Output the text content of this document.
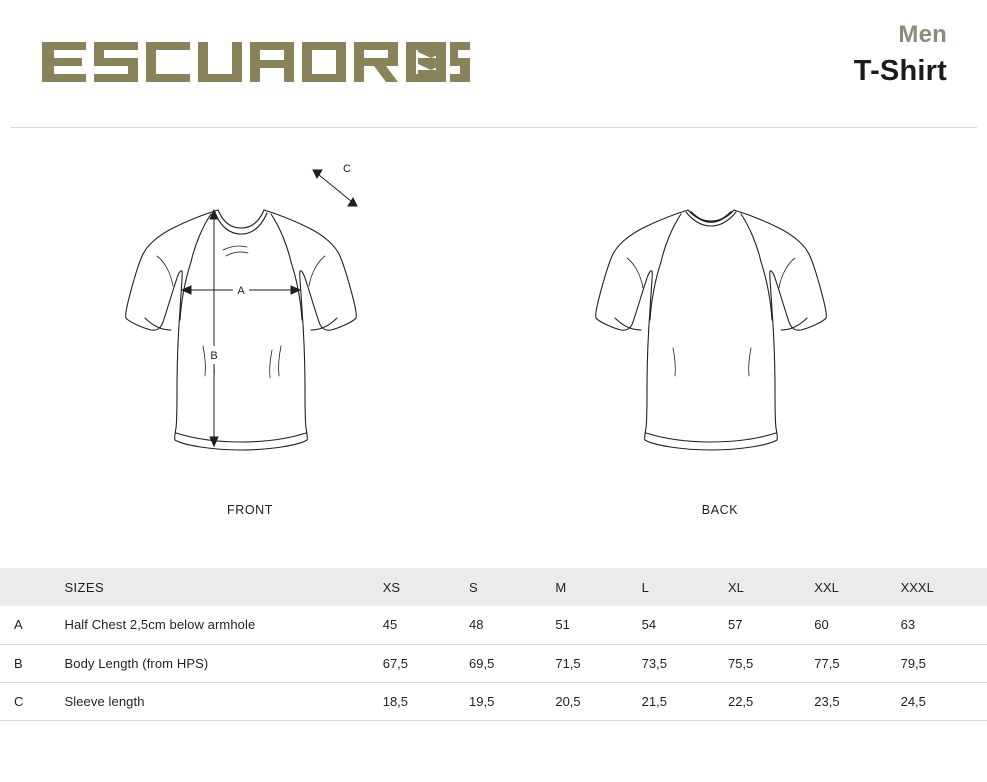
Men
T-Shirt
A
B
C
FRONT	BACK
	SIZES	XS	S	M	L	XL	XXL	XXXL
A	Half Chest 2,5cm below armhole	45	48	51	54	57	60	63
B	Body Length (from HPS)	67,5	69,5	71,5	73,5	75,5	77,5	79,5
C	Sleeve length	18,5	19,5	20,5	21,5	22,5	23,5	24,5
